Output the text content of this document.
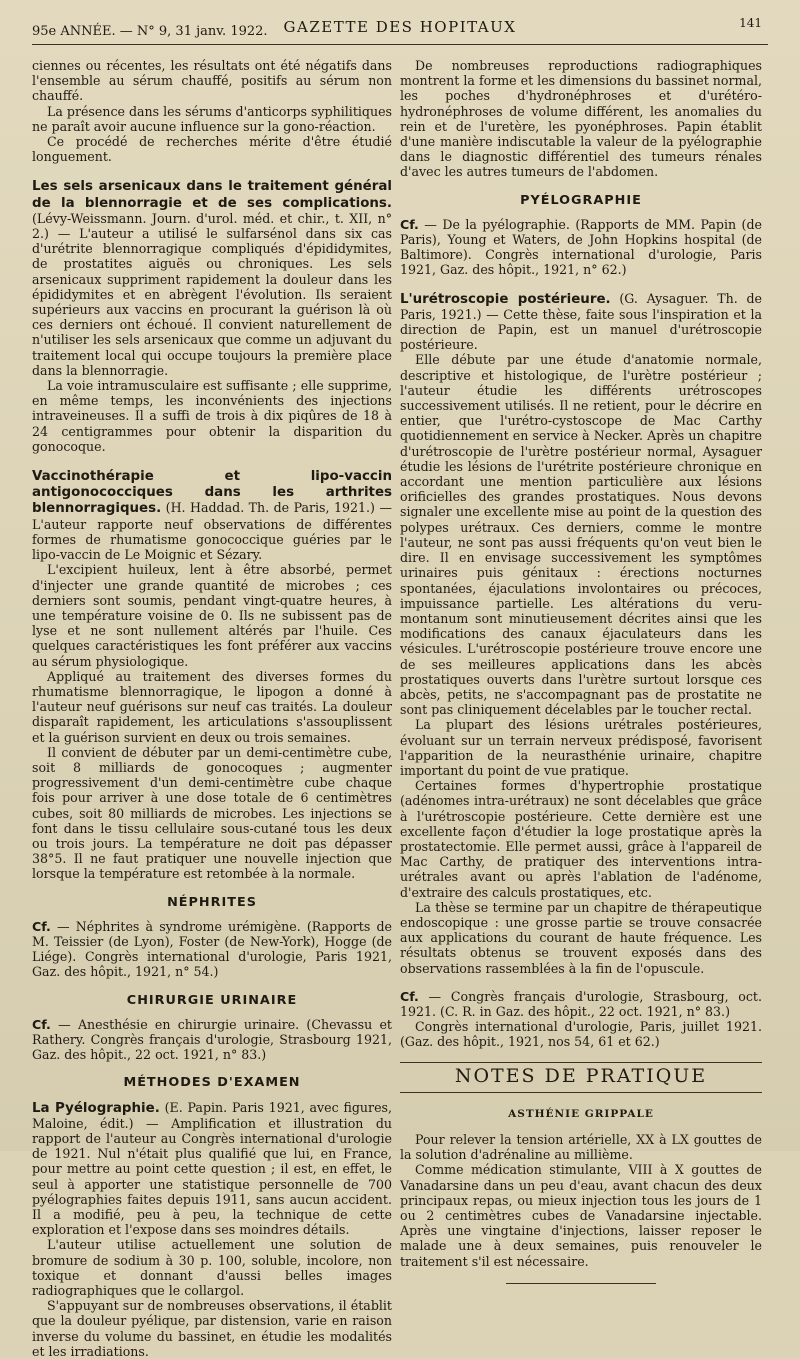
95e ANNÉE. — N° 9, 31 janv. 1922.	GAZETTE DES HOPITAUX	141

ciennes ou récentes, les résultats ont été négatifs dans l'ensemble au sérum chauffé, positifs au sérum non chauffé.

La présence dans les sérums d'anticorps syphilitiques ne paraît avoir aucune influence sur la gono-réaction.

Ce procédé de recherches mérite d'être étudié longuement.

Les sels arsenicaux dans le traitement général de la blennorragie et de ses complications. (Lévy-Weissmann. Journ. d'urol. méd. et chir., t. XII, n° 2.) — L'auteur a utilisé le sulfarsénol dans six cas d'urétrite blennorragique compliqués d'épididymites, de prostatites aiguës ou chroniques. Les sels arsenicaux suppriment rapidement la douleur dans les épididymites et en abrègent l'évolution. Ils seraient supérieurs aux vaccins en procurant la guérison là où ces derniers ont échoué. Il convient naturellement de n'utiliser les sels arsenicaux que comme un adjuvant du traitement local qui occupe toujours la première place dans la blennorragie.

La voie intramusculaire est suffisante ; elle supprime, en même temps, les inconvénients des injections intraveineuses. Il a suffi de trois à dix piqûres de 18 à 24 centigrammes pour obtenir la disparition du gonocoque.

Vaccinothérapie et lipo-vaccin antigonococciques dans les arthrites blennorragiques. (H. Haddad. Th. de Paris, 1921.) — L'auteur rapporte neuf observations de différentes formes de rhumatisme gonococcique guéries par le lipo-vaccin de Le Moignic et Sézary.

L'excipient huileux, lent à être absorbé, permet d'injecter une grande quantité de microbes ; ces derniers sont soumis, pendant vingt-quatre heures, à une température voisine de 0. Ils ne subissent pas de lyse et ne sont nullement altérés par l'huile. Ces quelques caractéristiques les font préférer aux vaccins au sérum physiologique.

Appliqué au traitement des diverses formes du rhumatisme blennorragique, le lipogon a donné à l'auteur neuf guérisons sur neuf cas traités. La douleur disparaît rapidement, les articulations s'assouplissent et la guérison survient en deux ou trois semaines.

Il convient de débuter par un demi-centimètre cube, soit 8 milliards de gonocoques ; augmenter progressivement d'un demi-centimètre cube chaque fois pour arriver à une dose totale de 6 centimètres cubes, soit 80 milliards de microbes. Les injections se font dans le tissu cellulaire sous-cutané tous les deux ou trois jours. La température ne doit pas dépasser 38°5. Il ne faut pratiquer une nouvelle injection que lorsque la température est retombée à la normale.

NÉPHRITES

Cf. — Néphrites à syndrome urémigène. (Rapports de M. Teissier (de Lyon), Foster (de New-York), Hogge (de Liége). Congrès international d'urologie, Paris 1921, Gaz. des hôpit., 1921, n° 54.)

CHIRURGIE URINAIRE

Cf. — Anesthésie en chirurgie urinaire. (Chevassu et Rathery. Congrès français d'urologie, Strasbourg 1921, Gaz. des hôpit., 22 oct. 1921, n° 83.)

MÉTHODES D'EXAMEN

La Pyélographie. (E. Papin. Paris 1921, avec figures, Maloine, édit.) — Amplification et illustration du rapport de l'auteur au Congrès international d'urologie de 1921. Nul n'était plus qualifié que lui, en France, pour mettre au point cette question ; il est, en effet, le seul à apporter une statistique personnelle de 700 pyélographies faites depuis 1911, sans aucun accident. Il a modifié, peu à peu, la technique de cette exploration et l'expose dans ses moindres détails.

L'auteur utilise actuellement une solution de bromure de sodium à 30 p. 100, soluble, incolore, non toxique et donnant d'aussi belles images radiographiques que le collargol.

S'appuyant sur de nombreuses observations, il établit que la douleur pyélique, par distension, varie en raison inverse du volume du bassinet, en étudie les modalités et les irradiations.

De nombreuses reproductions radiographiques montrent la forme et les dimensions du bassinet normal, les poches d'hydronéphroses et d'urétéro-hydronéphroses de volume différent, les anomalies du rein et de l'uretère, les pyonéphroses. Papin établit d'une manière indiscutable la valeur de la pyélographie dans le diagnostic différentiel des tumeurs rénales d'avec les autres tumeurs de l'abdomen.

PYÉLOGRAPHIE

Cf. — De la pyélographie. (Rapports de MM. Papin (de Paris), Young et Waters, de John Hopkins hospital (de Baltimore). Congrès international d'urologie, Paris 1921, Gaz. des hôpit., 1921, n° 62.)

L'urétroscopie postérieure. (G. Aysaguer. Th. de Paris, 1921.) — Cette thèse, faite sous l'inspiration et la direction de Papin, est un manuel d'urétroscopie postérieure.

Elle débute par une étude d'anatomie normale, descriptive et histologique, de l'urètre postérieur ; l'auteur étudie les différents urétroscopes successivement utilisés. Il ne retient, pour le décrire en entier, que l'urétro-cystoscope de Mac Carthy quotidiennement en service à Necker. Après un chapitre d'urétroscopie de l'urètre postérieur normal, Aysaguer étudie les lésions de l'urétrite postérieure chronique en accordant une mention particulière aux lésions orificielles des grandes prostatiques. Nous devons signaler une excellente mise au point de la question des polypes urétraux. Ces derniers, comme le montre l'auteur, ne sont pas aussi fréquents qu'on veut bien le dire. Il en envisage successivement les symptômes urinaires puis génitaux : érections nocturnes spontanées, éjaculations involontaires ou précoces, impuissance partielle. Les altérations du veru-montanum sont minutieusement décrites ainsi que les modifications des canaux éjaculateurs dans les vésicules. L'urétroscopie postérieure trouve encore une de ses meilleures applications dans les abcès prostatiques ouverts dans l'urètre surtout lorsque ces abcès, petits, ne s'accompagnant pas de prostatite ne sont pas cliniquement décelables par le toucher rectal.

La plupart des lésions urétrales postérieures, évoluant sur un terrain nerveux prédisposé, favorisent l'apparition de la neurasthénie urinaire, chapitre important du point de vue pratique.

Certaines formes d'hypertrophie prostatique (adénomes intra-urétraux) ne sont décelables que grâce à l'urétroscopie postérieure. Cette dernière est une excellente façon d'étudier la loge prostatique après la prostatectomie. Elle permet aussi, grâce à l'appareil de Mac Carthy, de pratiquer des interventions intra-urétrales avant ou après l'ablation de l'adénome, d'extraire des calculs prostatiques, etc.

La thèse se termine par un chapitre de thérapeutique endoscopique : une grosse partie se trouve consacrée aux applications du courant de haute fréquence. Les résultats obtenus se trouvent exposés dans des observations rassemblées à la fin de l'opuscule.

Cf. — Congrès français d'urologie, Strasbourg, oct. 1921. (C. R. in Gaz. des hôpit., 22 oct. 1921, n° 83.)

Congrès international d'urologie, Paris, juillet 1921. (Gaz. des hôpit., 1921, nos 54, 61 et 62.)

NOTES DE PRATIQUE
ASTHÉNIE GRIPPALE

Pour relever la tension artérielle, XX à LX gouttes de la solution d'adrénaline au millième.

Comme médication stimulante, VIII à X gouttes de Vanadarsine dans un peu d'eau, avant chacun des deux principaux repas, ou mieux injection tous les jours de 1 ou 2 centimètres cubes de Vanadarsine injectable. Après une vingtaine d'injections, laisser reposer le malade une à deux semaines, puis renouveler le traitement s'il est nécessaire.
